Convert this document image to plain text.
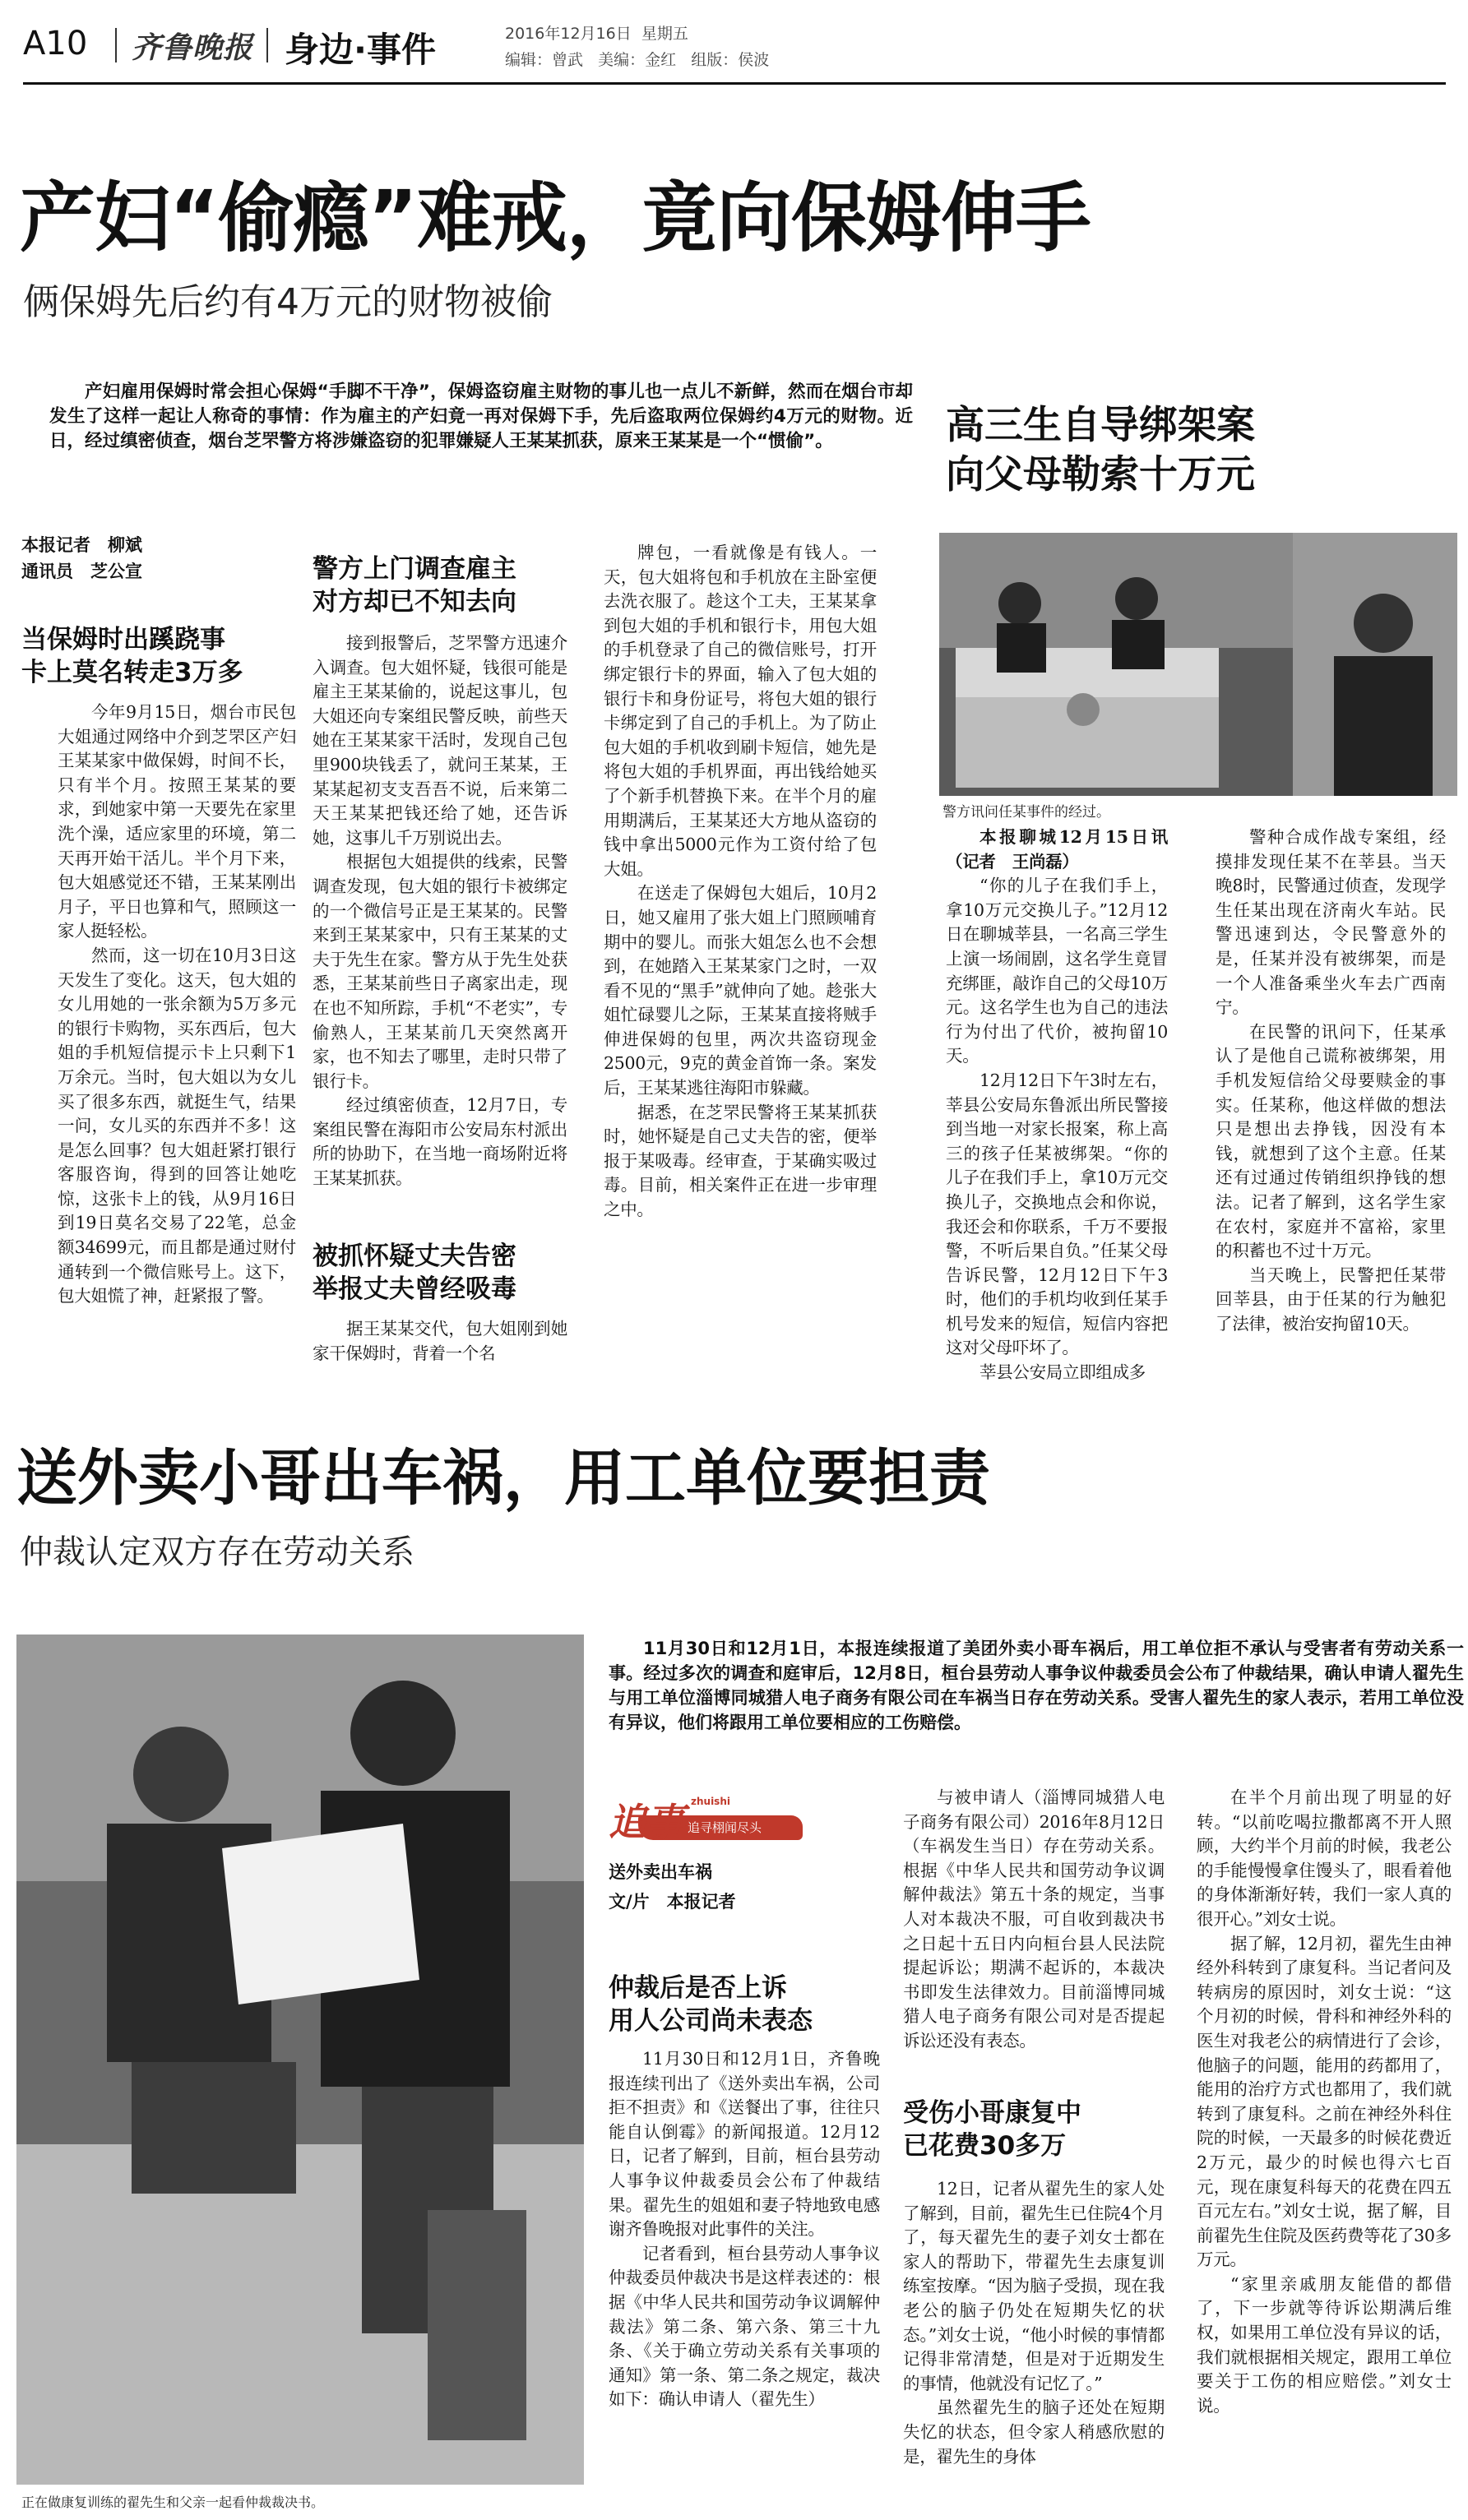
A10 齐鲁晚报 身边·事件	2016年12月16日 星期五
编辑：曾武   美编：金红   组版：侯波
产妇“偷瘾”难戒，竟向保姆伸手
俩保姆先后约有4万元的财物被偷
产妇雇用保姆时常会担心保姆“手脚不干净”，保姆盗窃雇主财物的事儿也一点儿不新鲜，然而在烟台市却发生了这样一起让人称奇的事情：作为雇主的产妇竟一再对保姆下手，先后盗取两位保姆约4万元的财物。近日，经过缜密侦查，烟台芝罘警方将涉嫌盗窃的犯罪嫌疑人王某某抓获，原来王某某是一个“惯偷”。
本报记者　柳斌
通讯员　芝公宣
当保姆时出蹊跷事
卡上莫名转走3万多

今年9月15日，烟台市民包大姐通过网络中介到芝罘区产妇王某某家中做保姆，时间不长，只有半个月。按照王某某的要求，到她家中第一天要先在家里洗个澡，适应家里的环境，第二天再开始干活儿。半个月下来，包大姐感觉还不错，王某某刚出月子，平日也算和气，照顾这一家人挺轻松。

然而，这一切在10月3日这天发生了变化。这天，包大姐的女儿用她的一张余额为5万多元的银行卡购物，买东西后，包大姐的手机短信提示卡上只剩下1万余元。当时，包大姐以为女儿买了很多东西，就挺生气，结果一问，女儿买的东西并不多！这是怎么回事？包大姐赶紧打银行客服咨询，得到的回答让她吃惊，这张卡上的钱，从9月16日到19日莫名交易了22笔，总金额34699元，而且都是通过财付通转到一个微信账号上。这下，包大姐慌了神，赶紧报了警。

警方上门调查雇主
对方却已不知去向

接到报警后，芝罘警方迅速介入调查。包大姐怀疑，钱很可能是雇主王某某偷的，说起这事儿，包大姐还向专案组民警反映，前些天她在王某某家干活时，发现自己包里900块钱丢了，就问王某某，王某某起初支支吾吾不说，后来第二天王某某把钱还给了她，还告诉她，这事儿千万别说出去。

根据包大姐提供的线索，民警调查发现，包大姐的银行卡被绑定的一个微信号正是王某某的。民警来到王某某家中，只有王某某的丈夫于先生在家。警方从于先生处获悉，王某某前些日子离家出走，现在也不知所踪，手机“不老实”，专偷熟人，王某某前几天突然离开家，也不知去了哪里，走时只带了银行卡。

经过缜密侦查，12月7日，专案组民警在海阳市公安局东村派出所的协助下，在当地一商场附近将王某某抓获。

被抓怀疑丈夫告密
举报丈夫曾经吸毒
据王某某交代，包大姐刚到她家干保姆时，背着一个名

牌包，一看就像是有钱人。一天，包大姐将包和手机放在主卧室便去洗衣服了。趁这个工夫，王某某拿到包大姐的手机和银行卡，用包大姐的手机登录了自己的微信账号，打开绑定银行卡的界面，输入了包大姐的银行卡和身份证号，将包大姐的银行卡绑定到了自己的手机上。为了防止包大姐的手机收到刷卡短信，她先是将包大姐的手机界面，再出钱给她买了个新手机替换下来。在半个月的雇用期满后，王某某还大方地从盗窃的钱中拿出5000元作为工资付给了包大姐。

在送走了保姆包大姐后，10月2日，她又雇用了张大姐上门照顾哺育期中的婴儿。而张大姐怎么也不会想到，在她踏入王某某家门之时，一双看不见的“黑手”就伸向了她。趁张大姐忙碌婴儿之际，王某某直接将贼手伸进保姆的包里，两次共盗窃现金2500元，9克的黄金首饰一条。案发后，王某某逃往海阳市躲藏。

据悉，在芝罘民警将王某某抓获时，她怀疑是自己丈夫告的密，便举报于某吸毒。经审查，于某确实吸过毒。目前，相关案件正在进一步审理之中。

高三生自导绑架案
向父母勒索十万元
警方讯问任某事件的经过。
本报聊城12月15日讯（记者　王尚磊）

“你的儿子在我们手上，拿10万元交换儿子。”12月12日在聊城莘县，一名高三学生上演一场闹剧，这名学生竟冒充绑匪，敲诈自己的父母10万元。这名学生也为自己的违法行为付出了代价，被拘留10天。

12月12日下午3时左右，莘县公安局东鲁派出所民警接到当地一对家长报案，称上高三的孩子任某被绑架。“你的儿子在我们手上，拿10万元交换儿子，交换地点会和你说，我还会和你联系，千万不要报警，不听后果自负。”任某父母告诉民警，12月12日下午3时，他们的手机均收到任某手机号发来的短信，短信内容把这对父母吓坏了。

莘县公安局立即组成多

警种合成作战专案组，经摸排发现任某不在莘县。当天晚8时，民警通过侦查，发现学生任某出现在济南火车站。民警迅速到达，令民警意外的是，任某并没有被绑架，而是一个人准备乘坐火车去广西南宁。

在民警的讯问下，任某承认了是他自己谎称被绑架，用手机发短信给父母要赎金的事实。任某称，他这样做的想法只是想出去挣钱，因没有本钱，就想到了这个主意。任某还有过通过传销组织挣钱的想法。记者了解到，这名学生家在农村，家庭并不富裕，家里的积蓄也不过十万元。

当天晚上，民警把任某带回莘县，由于任某的行为触犯了法律，被治安拘留10天。

送外卖小哥出车祸，用工单位要担责
仲裁认定双方存在劳动关系
11月30日和12月1日，本报连续报道了美团外卖小哥车祸后，用工单位拒不承认与受害者有劳动关系一事。经过多次的调查和庭审后，12月8日，桓台县劳动人事争议仲裁委员会公布了仲裁结果，确认申请人翟先生与用工单位淄博同城猎人电子商务有限公司在车祸当日存在劳动关系。受害人翟先生的家人表示，若用工单位没有异议，他们将跟用工单位要相应的工伤赔偿。
正在做康复训练的翟先生和父亲一起看仲裁裁决书。
追事 zhuishi
追寻栩闻尽头
送外卖出车祸
文/片　本报记者
仲裁后是否上诉
用人公司尚未表态

11月30日和12月1日，齐鲁晚报连续刊出了《送外卖出车祸，公司拒不担责》和《送餐出了事，往往只能自认倒霉》的新闻报道。12月12日，记者了解到，目前，桓台县劳动人事争议仲裁委员会公布了仲裁结果。翟先生的姐姐和妻子特地致电感谢齐鲁晚报对此事件的关注。

记者看到，桓台县劳动人事争议仲裁委员仲裁决书是这样表述的：根据《中华人民共和国劳动争议调解仲裁法》第二条、第六条、第三十九条、《关于确立劳动关系有关事项的通知》第一条、第二条之规定，裁决如下：确认申请人（翟先生）

与被申请人（淄博同城猎人电子商务有限公司）2016年8月12日（车祸发生当日）存在劳动关系。根据《中华人民共和国劳动争议调解仲裁法》第五十条的规定，当事人对本裁决不服，可自收到裁决书之日起十五日内向桓台县人民法院提起诉讼；期满不起诉的，本裁决书即发生法律效力。目前淄博同城猎人电子商务有限公司对是否提起诉讼还没有表态。
受伤小哥康复中
已花费30多万

12日，记者从翟先生的家人处了解到，目前，翟先生已住院4个月了，每天翟先生的妻子刘女士都在家人的帮助下，带翟先生去康复训练室按摩。“因为脑子受损，现在我老公的脑子仍处在短期失忆的状态。”刘女士说，“他小时候的事情都记得非常清楚，但是对于近期发生的事情，他就没有记忆了。”

虽然翟先生的脑子还处在短期失忆的状态，但令家人稍感欣慰的是，翟先生的身体

在半个月前出现了明显的好转。“以前吃喝拉撒都离不开人照顾，大约半个月前的时候，我老公的手能慢慢拿住馒头了，眼看着他的身体渐渐好转，我们一家人真的很开心。”刘女士说。

据了解，12月初，翟先生由神经外科转到了康复科。当记者问及转病房的原因时，刘女士说：“这个月初的时候，骨科和神经外科的医生对我老公的病情进行了会诊，他脑子的问题，能用的药都用了，能用的治疗方式也都用了，我们就转到了康复科。之前在神经外科住院的时候，一天最多的时候花费近2万元，最少的时候也得六七百元，现在康复科每天的花费在四五百元左右。”刘女士说，据了解，目前翟先生住院及医药费等花了30多万元。

“家里亲戚朋友能借的都借了，下一步就等待诉讼期满后维权，如果用工单位没有异议的话，我们就根据相关规定，跟用工单位要关于工伤的相应赔偿。”刘女士说。
